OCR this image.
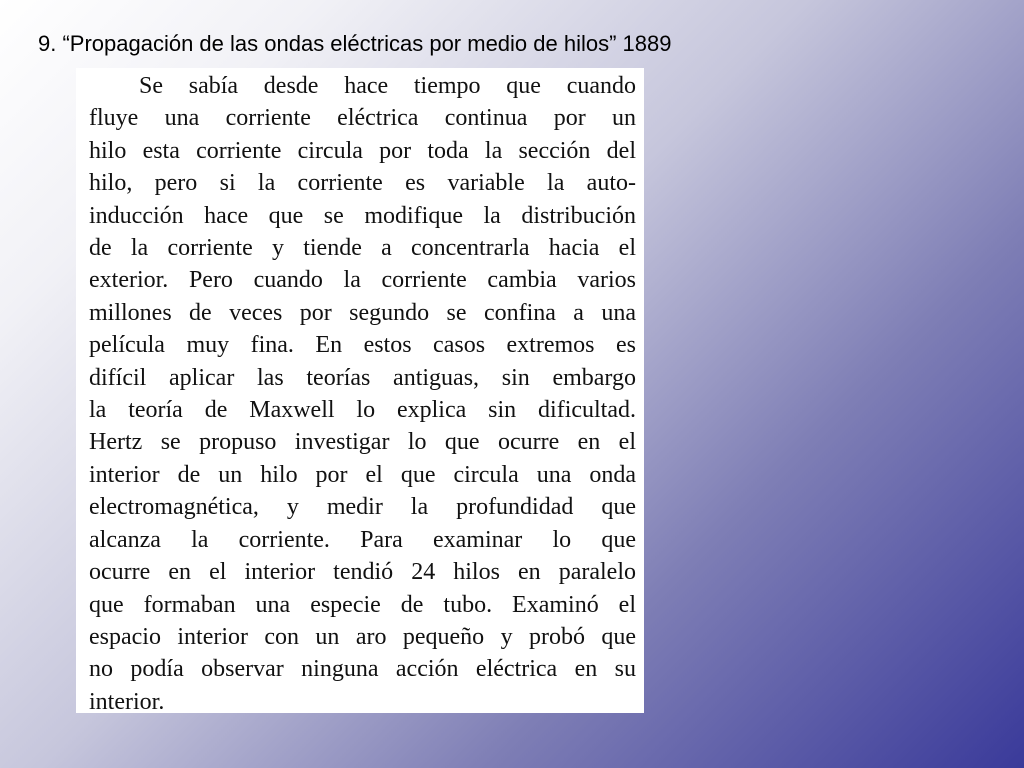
9. “Propagación de las ondas eléctricas por medio de hilos” 1889
Se sabía desde hace tiempo que cuando
fluye una corriente eléctrica continua por un
hilo esta corriente circula por toda la sección del
hilo, pero si la corriente es variable la auto-
inducción hace que se modifique la distribución
de la corriente y tiende a concentrarla hacia el
exterior. Pero cuando la corriente cambia varios
millones de veces por segundo se confina a una
película muy fina. En estos casos extremos es
difícil aplicar las teorías antiguas, sin embargo
la teoría de Maxwell lo explica sin dificultad.
Hertz se propuso investigar lo que ocurre en el
interior de un hilo por el que circula una onda
electromagnética, y medir la profundidad que
alcanza la corriente. Para examinar lo que
ocurre en el interior tendió 24 hilos en paralelo
que formaban una especie de tubo. Examinó el
espacio interior con un aro pequeño y probó que
no podía observar ninguna acción eléctrica en su
interior.
